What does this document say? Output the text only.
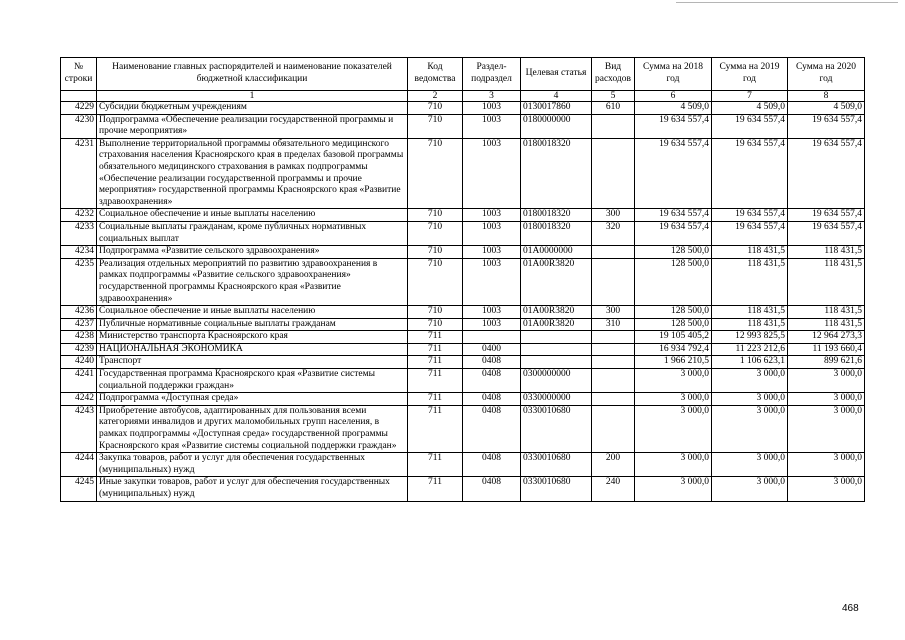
№ строки	Наименование главных распорядителей и наименование показателей бюджетной классификации	Код ведомства	Раздел-подраздел	Целевая статья	Вид расходов	Сумма на 2018 год	Сумма на 2019 год	Сумма на 2020 год
	1	2	3	4	5	6	7	8
4229	Субсидии бюджетным учреждениям	710	1003	0130017860	610	4 509,0	4 509,0	4 509,0
4230	Подпрограмма «Обеспечение реализации государственной программы и прочие мероприятия»	710	1003	0180000000		19 634 557,4	19 634 557,4	19 634 557,4
4231	Выполнение территориальной программы обязательного медицинского страхования населения Красноярского края в пределах базовой программы обязательного медицинского страхования в рамках подпрограммы «Обеспечение реализации государственной программы и прочие мероприятия» государственной программы Красноярского края «Развитие здравоохранения»	710	1003	0180018320		19 634 557,4	19 634 557,4	19 634 557,4
4232	Социальное обеспечение и иные выплаты населению	710	1003	0180018320	300	19 634 557,4	19 634 557,4	19 634 557,4
4233	Социальные выплаты гражданам, кроме публичных нормативных социальных выплат	710	1003	0180018320	320	19 634 557,4	19 634 557,4	19 634 557,4
4234	Подпрограмма «Развитие сельского здравоохранения»	710	1003	01А0000000		128 500,0	118 431,5	118 431,5
4235	Реализация отдельных мероприятий по развитию здравоохранения в рамках подпрограммы «Развитие сельского здравоохранения» государственной программы Красноярского края «Развитие здравоохранения»	710	1003	01А00R3820		128 500,0	118 431,5	118 431,5
4236	Социальное обеспечение и иные выплаты населению	710	1003	01А00R3820	300	128 500,0	118 431,5	118 431,5
4237	Публичные нормативные социальные выплаты гражданам	710	1003	01А00R3820	310	128 500,0	118 431,5	118 431,5
4238	Министерство транспорта Красноярского края	711				19 105 405,2	12 993 825,5	12 964 273,3
4239	НАЦИОНАЛЬНАЯ ЭКОНОМИКА	711	0400			16 934 792,4	11 223 212,6	11 193 660,4
4240	Транспорт	711	0408			1 966 210,5	1 106 623,1	899 621,6
4241	Государственная программа Красноярского края «Развитие системы социальной поддержки граждан»	711	0408	0300000000		3 000,0	3 000,0	3 000,0
4242	Подпрограмма «Доступная среда»	711	0408	0330000000		3 000,0	3 000,0	3 000,0
4243	Приобретение автобусов, адаптированных для пользования всеми категориями инвалидов и других маломобильных групп населения, в рамках подпрограммы «Доступная среда» государственной программы Красноярского края «Развитие системы социальной поддержки граждан»	711	0408	0330010680		3 000,0	3 000,0	3 000,0
4244	Закупка товаров, работ и услуг для обеспечения государственных (муниципальных) нужд	711	0408	0330010680	200	3 000,0	3 000,0	3 000,0
4245	Иные закупки товаров, работ и услуг для обеспечения государственных (муниципальных) нужд	711	0408	0330010680	240	3 000,0	3 000,0	3 000,0
468
